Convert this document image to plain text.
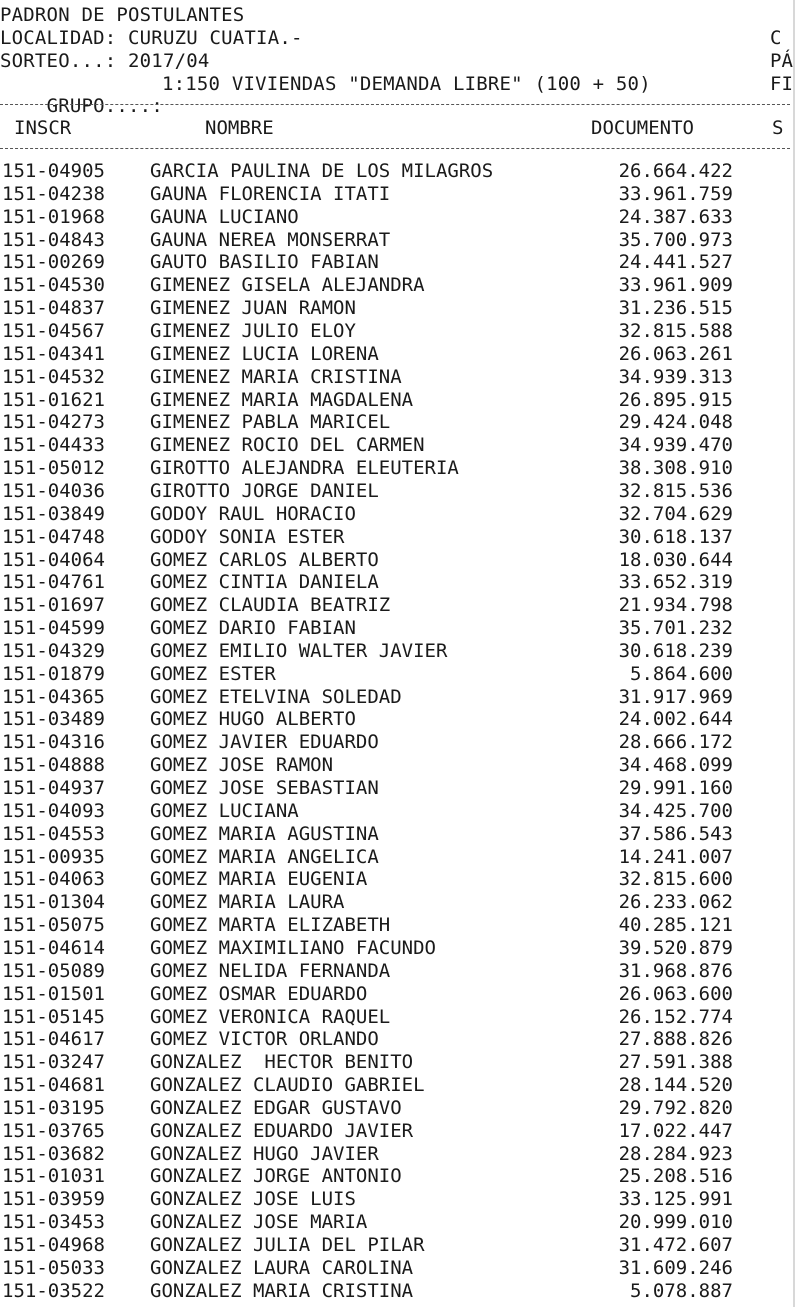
PADRON DE POSTULANTES
LOCALIDAD: CURUZU CUATIA.-
SORTEO...: 2017/04

GRUPO....:

1:150 VIVIENDAS "DEMANDA LIBRE" (100 + 50)

C
PÁ
FI
INSCR	NOMBRE	DOCUMENTO	S
151-04905 GARCIA PAULINA DE LOS MILAGROS	26.664.422
151-04238 GAUNA FLORENCIA ITATI	33.961.759
151-01968 GAUNA LUCIANO	24.387.633
151-04843 GAUNA NEREA MONSERRAT	35.700.973
151-00269 GAUTO BASILIO FABIAN	24.441.527
151-04530 GIMENEZ GISELA ALEJANDRA	33.961.909
151-04837 GIMENEZ JUAN RAMON	31.236.515
151-04567 GIMENEZ JULIO ELOY	32.815.588
151-04341 GIMENEZ LUCIA LORENA	26.063.261
151-04532 GIMENEZ MARIA CRISTINA	34.939.313
151-01621 GIMENEZ MARIA MAGDALENA	26.895.915
151-04273 GIMENEZ PABLA MARICEL	29.424.048
151-04433 GIMENEZ ROCIO DEL CARMEN	34.939.470
151-05012 GIROTTO ALEJANDRA ELEUTERIA	38.308.910
151-04036 GIROTTO JORGE DANIEL	32.815.536
151-03849 GODOY RAUL HORACIO	32.704.629
151-04748 GODOY SONIA ESTER	30.618.137
151-04064 GOMEZ CARLOS ALBERTO	18.030.644
151-04761 GOMEZ CINTIA DANIELA	33.652.319
151-01697 GOMEZ CLAUDIA BEATRIZ	21.934.798
151-04599 GOMEZ DARIO FABIAN	35.701.232
151-04329 GOMEZ EMILIO WALTER JAVIER	30.618.239
151-01879 GOMEZ ESTER	5.864.600
151-04365 GOMEZ ETELVINA SOLEDAD	31.917.969
151-03489 GOMEZ HUGO ALBERTO	24.002.644
151-04316 GOMEZ JAVIER EDUARDO	28.666.172
151-04888 GOMEZ JOSE RAMON	34.468.099
151-04937 GOMEZ JOSE SEBASTIAN	29.991.160
151-04093 GOMEZ LUCIANA	34.425.700
151-04553 GOMEZ MARIA AGUSTINA	37.586.543
151-00935 GOMEZ MARIA ANGELICA	14.241.007
151-04063 GOMEZ MARIA EUGENIA	32.815.600
151-01304 GOMEZ MARIA LAURA	26.233.062
151-05075 GOMEZ MARTA ELIZABETH	40.285.121
151-04614 GOMEZ MAXIMILIANO FACUNDO	39.520.879
151-05089 GOMEZ NELIDA FERNANDA	31.968.876
151-01501 GOMEZ OSMAR EDUARDO	26.063.600
151-05145 GOMEZ VERONICA RAQUEL	26.152.774
151-04617 GOMEZ VICTOR ORLANDO	27.888.826
151-03247 GONZALEZ  HECTOR BENITO	27.591.388
151-04681 GONZALEZ CLAUDIO GABRIEL	28.144.520
151-03195 GONZALEZ EDGAR GUSTAVO	29.792.820
151-03765 GONZALEZ EDUARDO JAVIER	17.022.447
151-03682 GONZALEZ HUGO JAVIER	28.284.923
151-01031 GONZALEZ JORGE ANTONIO	25.208.516
151-03959 GONZALEZ JOSE LUIS	33.125.991
151-03453 GONZALEZ JOSE MARIA	20.999.010
151-04968 GONZALEZ JULIA DEL PILAR	31.472.607
151-05033 GONZALEZ LAURA CAROLINA	31.609.246
151-03522 GONZALEZ MARIA CRISTINA	5.078.887
